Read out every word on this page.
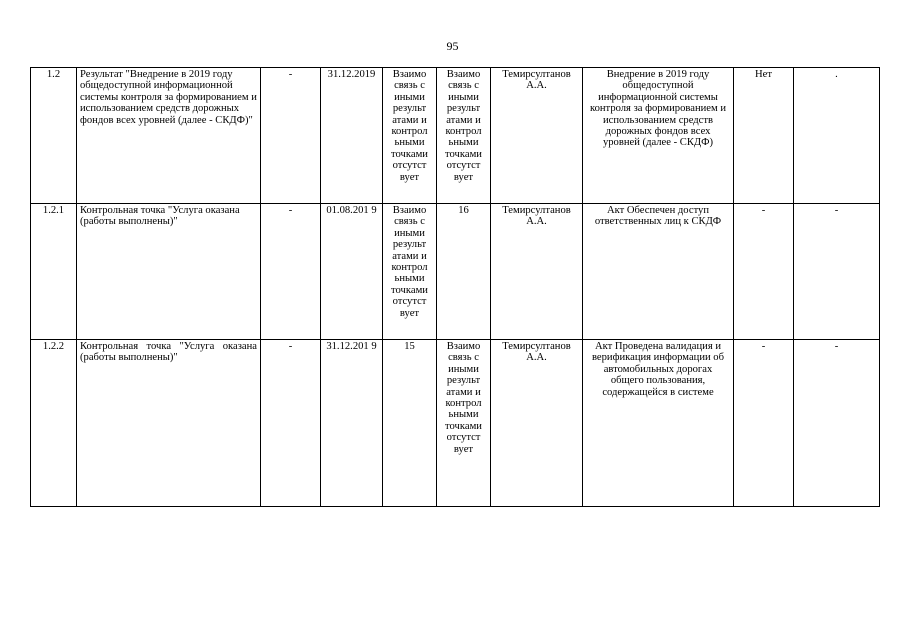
95
1.2	Результат "Внедрение в 2019 году общедоступной информационной системы контроля за формированием и использованием средств дорожных фондов всех уровней (далее - СКДФ)"	-	31.12.2019	Взаимо связь с иными результ атами и контрол ьными точками отсутст вует	Взаимо связь с иными результ атами и контрол ьными точками отсутст вует	Темирсултанов А.А.	Внедрение в 2019 году общедоступной информационной системы контроля за формированием и использованием средств дорожных фондов всех уровней (далее - СКДФ)	Нет	.
1.2.1	Контрольная точка "Услуга оказана (работы выполнены)"	-	01.08.201 9	Взаимо связь с иными результ атами и контрол ьными точками отсутст вует	16	Темирсултанов А.А.	Акт Обеспечен доступ ответственных лиц к СКДФ	-	-
1.2.2	Контрольная точка "Услуга оказана (работы выполнены)"	-	31.12.201 9	15	Взаимо связь с иными результ атами и контрол ьными точками отсутст вует	Темирсултанов А.А.	Акт Проведена валидация и верификация информации об автомобильных дорогах общего пользования, содержащейся в системе	-	-
